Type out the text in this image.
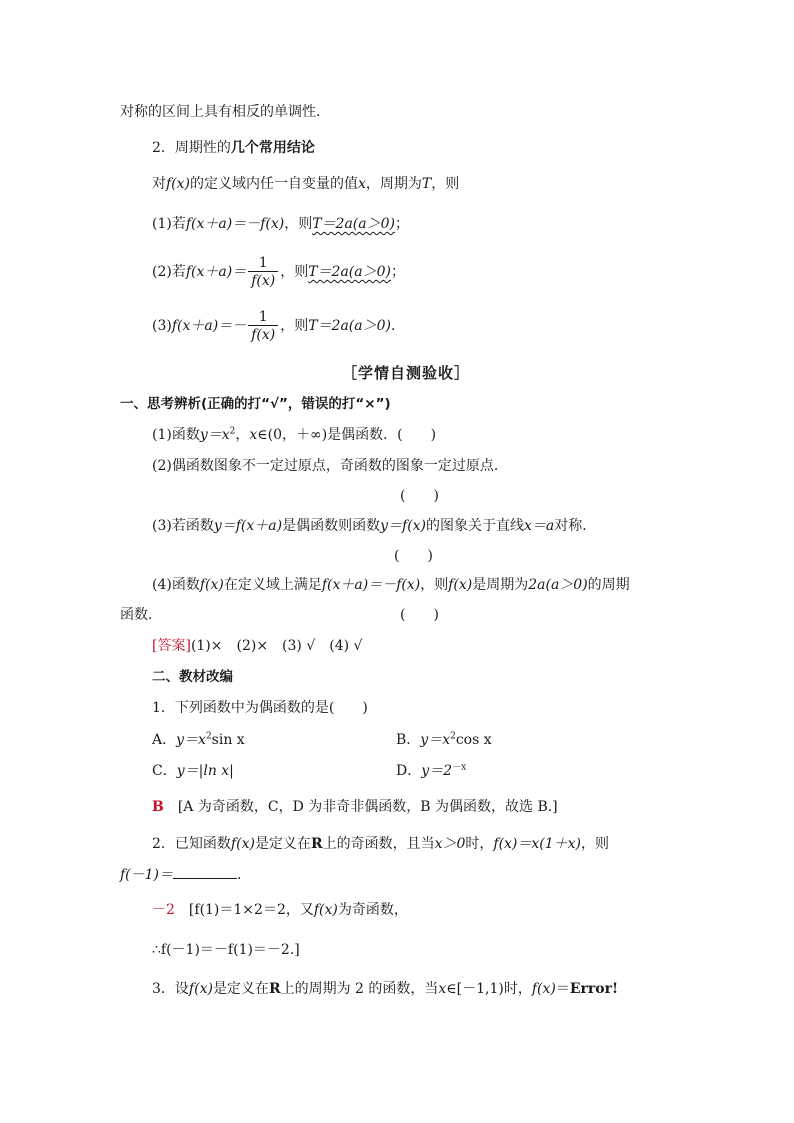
对称的区间上具有相反的单调性．
2．周期性的几个常用结论
对f(x)的定义域内任一自变量的值x，周期为T，则
(1)若f(x＋a)＝－f(x)，则T＝2a(a＞0)；
(2)若$f(x+a)= \frac{1}{f(x)}$ ，则T＝2a(a＞0)；
$(3)f(x+a)=- \frac{1}{f(x)}$ ，则T＝2a(a＞0)．
［学情自测验收］
一、思考辨析(正确的打“√”，错误的打“×”)
(1)函数$y=x^2$，x∈(0，＋∞)是偶函数．(　　)
(2)偶函数图象不一定过原点，奇函数的图象一定过原点．
(　　)
(3)若函数y＝f(x＋a)是偶函数则函数y＝f(x)的图象关于直线x＝a对称．
(　　)
(4)函数f(x)在定义域上满足f(x＋a)＝－f(x)，则f(x)是周期为2a(a＞0)的周期
函数．	(　　)
[答案](1)×　(2)×　(3) √　(4) √
二、教材改编
1．下列函数中为偶函数的是(　　)
A．$y=x^2\sin$ x	B．$y=x^2\cos$ x
C．y＝|ln x|	D．$y=2^{-x}$
B　 [A 为奇函数，C，D 为非奇非偶函数，B 为偶函数，故选 B.]
2．已知函数f(x)是定义在R上的奇函数，且当x＞0时，f(x)＝x(1＋x)，则
f(－1)＝	.
－2　 [f(1)＝1×2＝2，又f(x)为奇函数，
∴f(－1)＝－f(1)＝－2.]
3．设f(x)是定义在R上的周期为 2 的函数，当x∈[－1,1)时，f(x)＝Error!
